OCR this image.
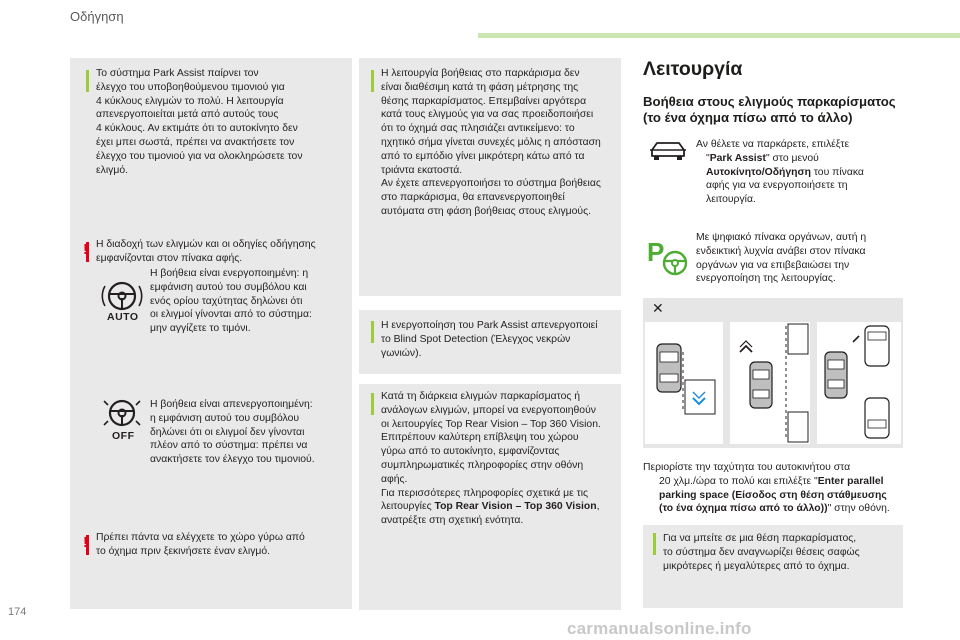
Οδήγηση
Το σύστημα Park Assist παίρνει τον
έλεγχο του υποβοηθούμενου τιμονιού για
4 κύκλους ελιγμών το πολύ. Η λειτουργία
απενεργοποιείται μετά από αυτούς τους
4 κύκλους. Αν εκτιμάτε ότι το αυτοκίνητο δεν
έχει μπει σωστά, πρέπει να ανακτήσετε τον
έλεγχο του τιμονιού για να ολοκληρώσετε τον
ελιγμό.
! Η διαδοχή των ελιγμών και οι οδηγίες οδήγησης
εμφανίζονται στον πίνακα αφής.
AUTO
Η βοήθεια είναι ενεργοποιημένη: η
εμφάνιση αυτού του συμβόλου και
ενός ορίου ταχύτητας δηλώνει ότι
οι ελιγμοί γίνονται από το σύστημα:
μην αγγίζετε το τιμόνι.
OFF
Η βοήθεια είναι απενεργοποιημένη:
η εμφάνιση αυτού του συμβόλου
δηλώνει ότι οι ελιγμοί δεν γίνονται
πλέον από το σύστημα: πρέπει να
ανακτήσετε τον έλεγχο του τιμονιού.
! Πρέπει πάντα να ελέγχετε το χώρο γύρω από
το όχημα πριν ξεκινήσετε έναν ελιγμό.
Η λειτουργία βοήθειας στο παρκάρισμα δεν
είναι διαθέσιμη κατά τη φάση μέτρησης της
θέσης παρκαρίσματος. Επεμβαίνει αργότερα
κατά τους ελιγμούς για να σας προειδοποιήσει
ότι το όχημά σας πλησιάζει αντικείμενο: το
ηχητικό σήμα γίνεται συνεχές μόλις η απόσταση
από το εμπόδιο γίνει μικρότερη κάτω από τα
τριάντα εκατοστά.
Αν έχετε απενεργοποιήσει το σύστημα βοήθειας
στο παρκάρισμα, θα επανενεργοποιηθεί
αυτόματα στη φάση βοήθειας στους ελιγμούς.
Η ενεργοποίηση του Park Assist απενεργοποιεί
το Blind Spot Detection (Έλεγχος νεκρών
γωνιών).
Κατά τη διάρκεια ελιγμών παρκαρίσματος ή
ανάλογων ελιγμών, μπορεί να ενεργοποιηθούν
οι λειτουργίες Top Rear Vision – Top 360 Vision.
Επιτρέπουν καλύτερη επίβλεψη του χώρου
γύρω από το αυτοκίνητο, εμφανίζοντας
συμπληρωματικές πληροφορίες στην οθόνη
αφής.
Για περισσότερες πληροφορίες σχετικά με τις
λειτουργίες Top Rear Vision – Top 360 Vision,
ανατρέξτε στη σχετική ενότητα.
Λειτουργία
Βοήθεια στους ελιγμούς παρκαρίσματος
(το ένα όχημα πίσω από το άλλο)
Αν θέλετε να παρκάρετε, επιλέξτε
"Park Assist" στο μενού
Αυτοκίνητο/Οδήγηση του πίνακα
αφής για να ενεργοποιήσετε τη
λειτουργία.
P	Με ψηφιακό πίνακα οργάνων, αυτή η
ενδεικτική λυχνία ανάβει στον πίνακα
οργάνων για να επιβεβαιώσει την
ενεργοποίηση της λειτουργίας.
✕
Περιορίστε την ταχύτητα του αυτοκινήτου στα
20 χλμ./ώρα το πολύ και επιλέξτε "Enter parallel
parking space (Είσοδος στη θέση στάθμευσης
(το ένα όχημα πίσω από το άλλο))" στην οθόνη.
Για να μπείτε σε μια θέση παρκαρίσματος,
το σύστημα δεν αναγνωρίζει θέσεις σαφώς
μικρότερες ή μεγαλύτερες από το όχημα.
174
carmanualsonline.info
